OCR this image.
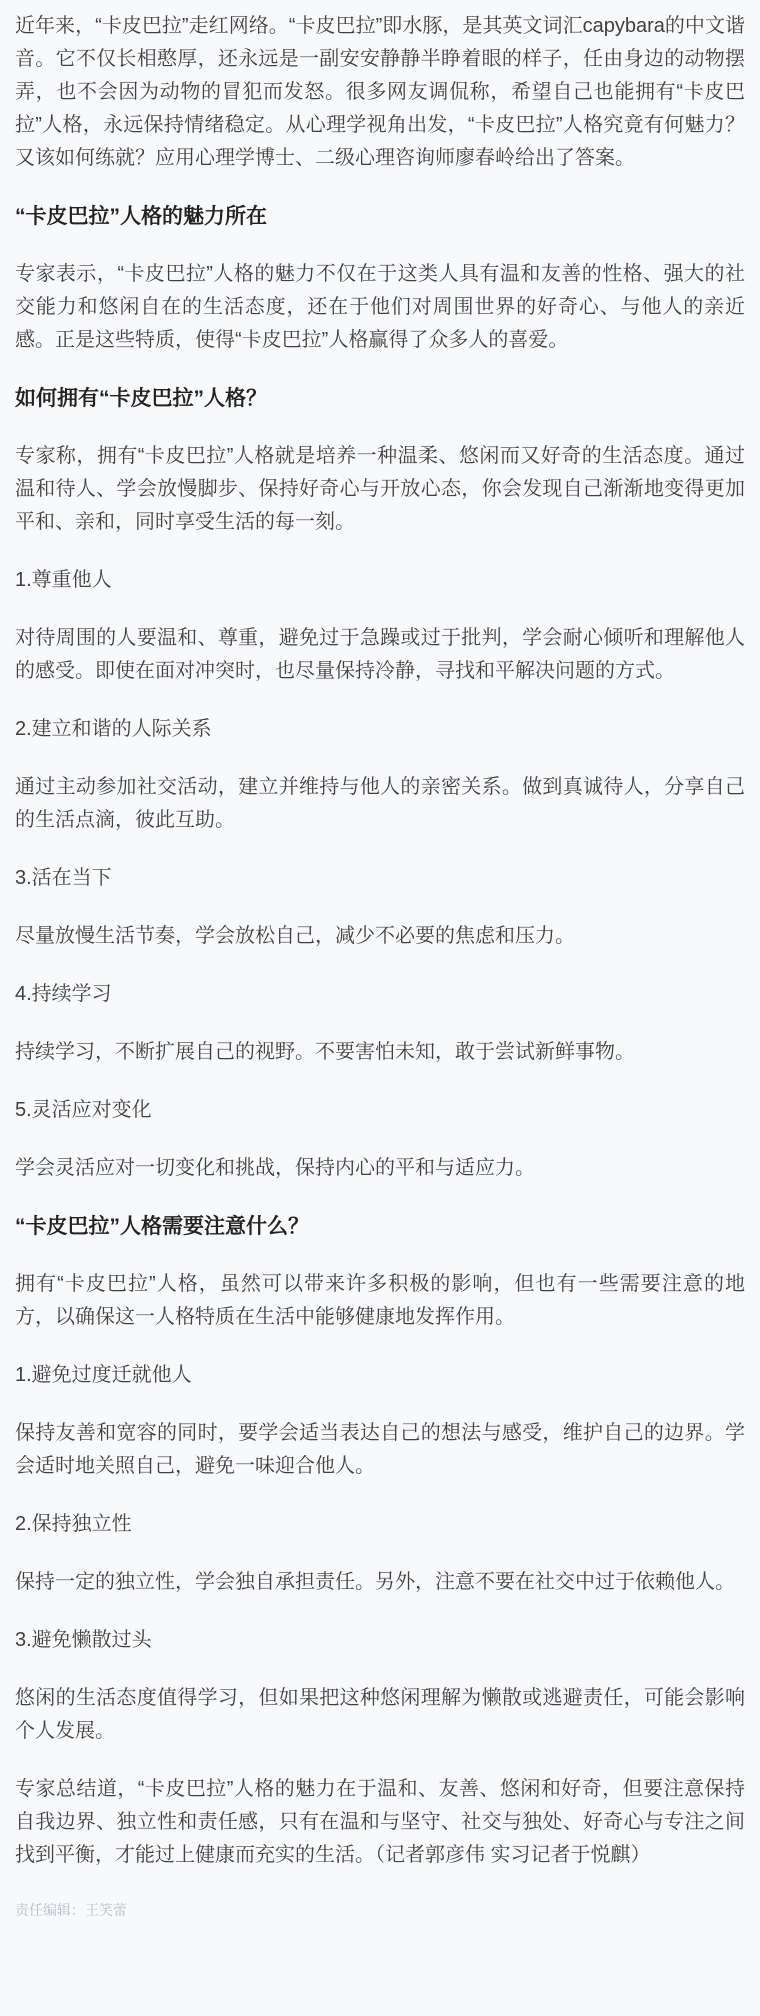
近年来，“卡皮巴拉”走红网络。“卡皮巴拉”即水豚，是其英文词汇capybara的中文谐音。它不仅长相憨厚，还永远是一副安安静静半睁着眼的样子，任由身边的动物摆弄，也不会因为动物的冒犯而发怒。很多网友调侃称，希望自己也能拥有“卡皮巴拉”人格，永远保持情绪稳定。从心理学视角出发，“卡皮巴拉”人格究竟有何魅力？又该如何练就？应用心理学博士、二级心理咨询师廖春岭给出了答案。

“卡皮巴拉”人格的魅力所在

专家表示，“卡皮巴拉”人格的魅力不仅在于这类人具有温和友善的性格、强大的社交能力和悠闲自在的生活态度，还在于他们对周围世界的好奇心、与他人的亲近感。正是这些特质，使得“卡皮巴拉”人格赢得了众多人的喜爱。

如何拥有“卡皮巴拉”人格？

专家称，拥有“卡皮巴拉”人格就是培养一种温柔、悠闲而又好奇的生活态度。通过温和待人、学会放慢脚步、保持好奇心与开放心态，你会发现自己渐渐地变得更加平和、亲和，同时享受生活的每一刻。

1.尊重他人

对待周围的人要温和、尊重，避免过于急躁或过于批判，学会耐心倾听和理解他人的感受。即使在面对冲突时，也尽量保持冷静，寻找和平解决问题的方式。

2.建立和谐的人际关系

通过主动参加社交活动，建立并维持与他人的亲密关系。做到真诚待人，分享自己的生活点滴，彼此互助。

3.活在当下

尽量放慢生活节奏，学会放松自己，减少不必要的焦虑和压力。

4.持续学习

持续学习，不断扩展自己的视野。不要害怕未知，敢于尝试新鲜事物。

5.灵活应对变化

学会灵活应对一切变化和挑战，保持内心的平和与适应力。

“卡皮巴拉”人格需要注意什么？

拥有“卡皮巴拉”人格，虽然可以带来许多积极的影响，但也有一些需要注意的地方，以确保这一人格特质在生活中能够健康地发挥作用。

1.避免过度迁就他人

保持友善和宽容的同时，要学会适当表达自己的想法与感受，维护自己的边界。学会适时地关照自己，避免一味迎合他人。

2.保持独立性

保持一定的独立性，学会独自承担责任。另外，注意不要在社交中过于依赖他人。

3.避免懒散过头

悠闲的生活态度值得学习，但如果把这种悠闲理解为懒散或逃避责任，可能会影响个人发展。

专家总结道，“卡皮巴拉”人格的魅力在于温和、友善、悠闲和好奇，但要注意保持自我边界、独立性和责任感，只有在温和与坚守、社交与独处、好奇心与专注之间找到平衡，才能过上健康而充实的生活。（记者郭彦伟 实习记者于悦麒）

责任编辑：王笑蕾
